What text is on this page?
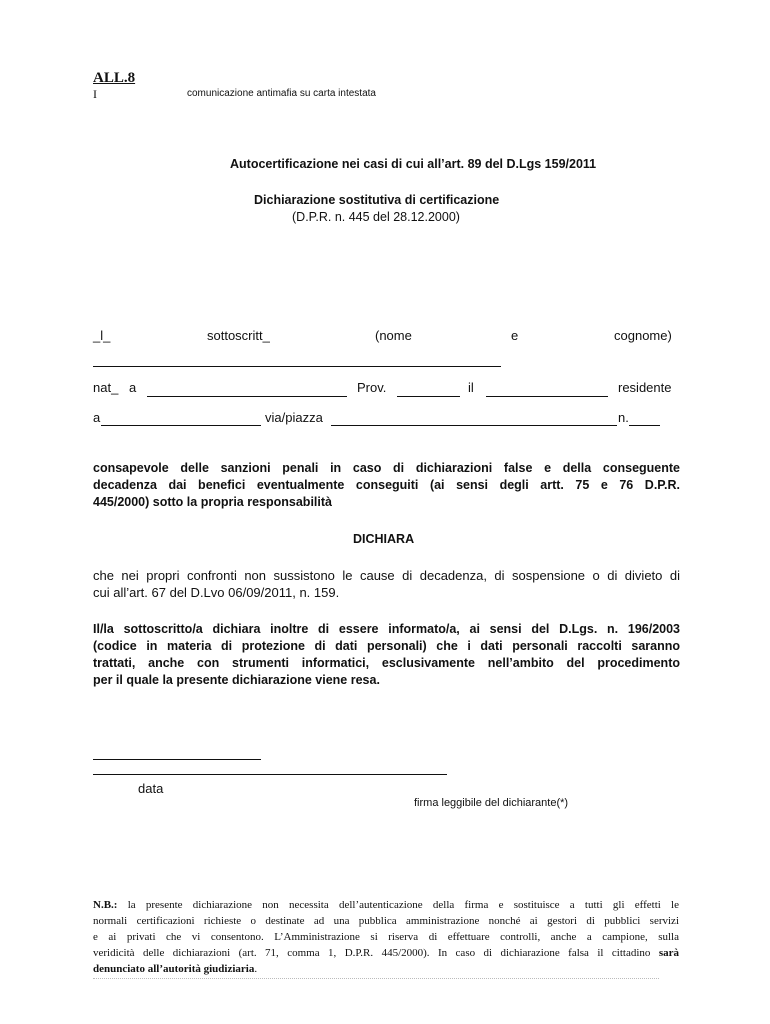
ALL.8
I	comunicazione antimafia su carta intestata
Autocertificazione nei casi di cui all’art. 89 del D.Lgs 159/2011
Dichiarazione sostitutiva di certificazione
(D.P.R. n. 445 del 28.12.2000)
_l_	sottoscritt_	(nome	e	cognome)
nat_ a	Prov.	il	residente
a	via/piazza	n.
consapevole delle sanzioni penali in caso di dichiarazioni false e della conseguente
decadenza dai benefici eventualmente conseguiti (ai sensi degli artt. 75 e 76 D.P.R.
445/2000) sotto la propria responsabilità
DICHIARA
che nei propri confronti non sussistono le cause di decadenza, di sospensione o di divieto di
cui all’art. 67 del D.Lvo 06/09/2011, n. 159.
Il/la sottoscritto/a dichiara inoltre di essere informato/a, ai sensi del D.Lgs. n. 196/2003
(codice in materia di protezione di dati personali) che i dati personali raccolti saranno
trattati, anche con strumenti informatici, esclusivamente nell’ambito del procedimento
per il quale la presente dichiarazione viene resa.
data
firma leggibile del dichiarante(*)
N.B.: la presente dichiarazione non necessita dell’autenticazione della firma e sostituisce a tutti gli effetti le
normali certificazioni richieste o destinate ad una pubblica amministrazione nonché ai gestori di pubblici servizi
e ai privati che vi consentono. L’Amministrazione si riserva di effettuare controlli, anche a campione, sulla
veridicità delle dichiarazioni (art. 71, comma 1, D.P.R. 445/2000). In caso di dichiarazione falsa il cittadino sarà
denunciato all’autorità giudiziaria.
